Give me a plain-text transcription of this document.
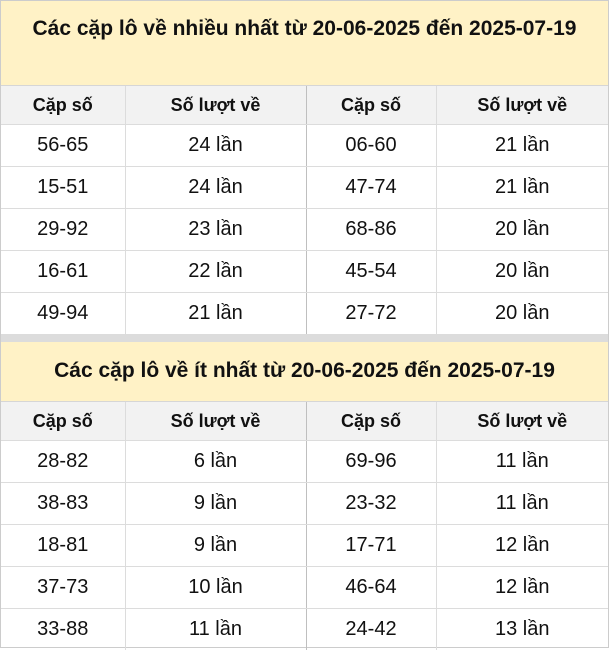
Các cặp lô về nhiều nhất từ 20-06-2025 đến 2025-07-19
Cặp số	Số lượt về	Cặp số	Số lượt về
56-65	24 lần	06-60	21 lần
15-51	24 lần	47-74	21 lần
29-92	23 lần	68-86	20 lần
16-61	22 lần	45-54	20 lần
49-94	21 lần	27-72	20 lần
Các cặp lô về ít nhất từ 20-06-2025 đến 2025-07-19
Cặp số	Số lượt về	Cặp số	Số lượt về
28-82	6 lần	69-96	11 lần
38-83	9 lần	23-32	11 lần
18-81	9 lần	17-71	12 lần
37-73	10 lần	46-64	12 lần
33-88	11 lần	24-42	13 lần
